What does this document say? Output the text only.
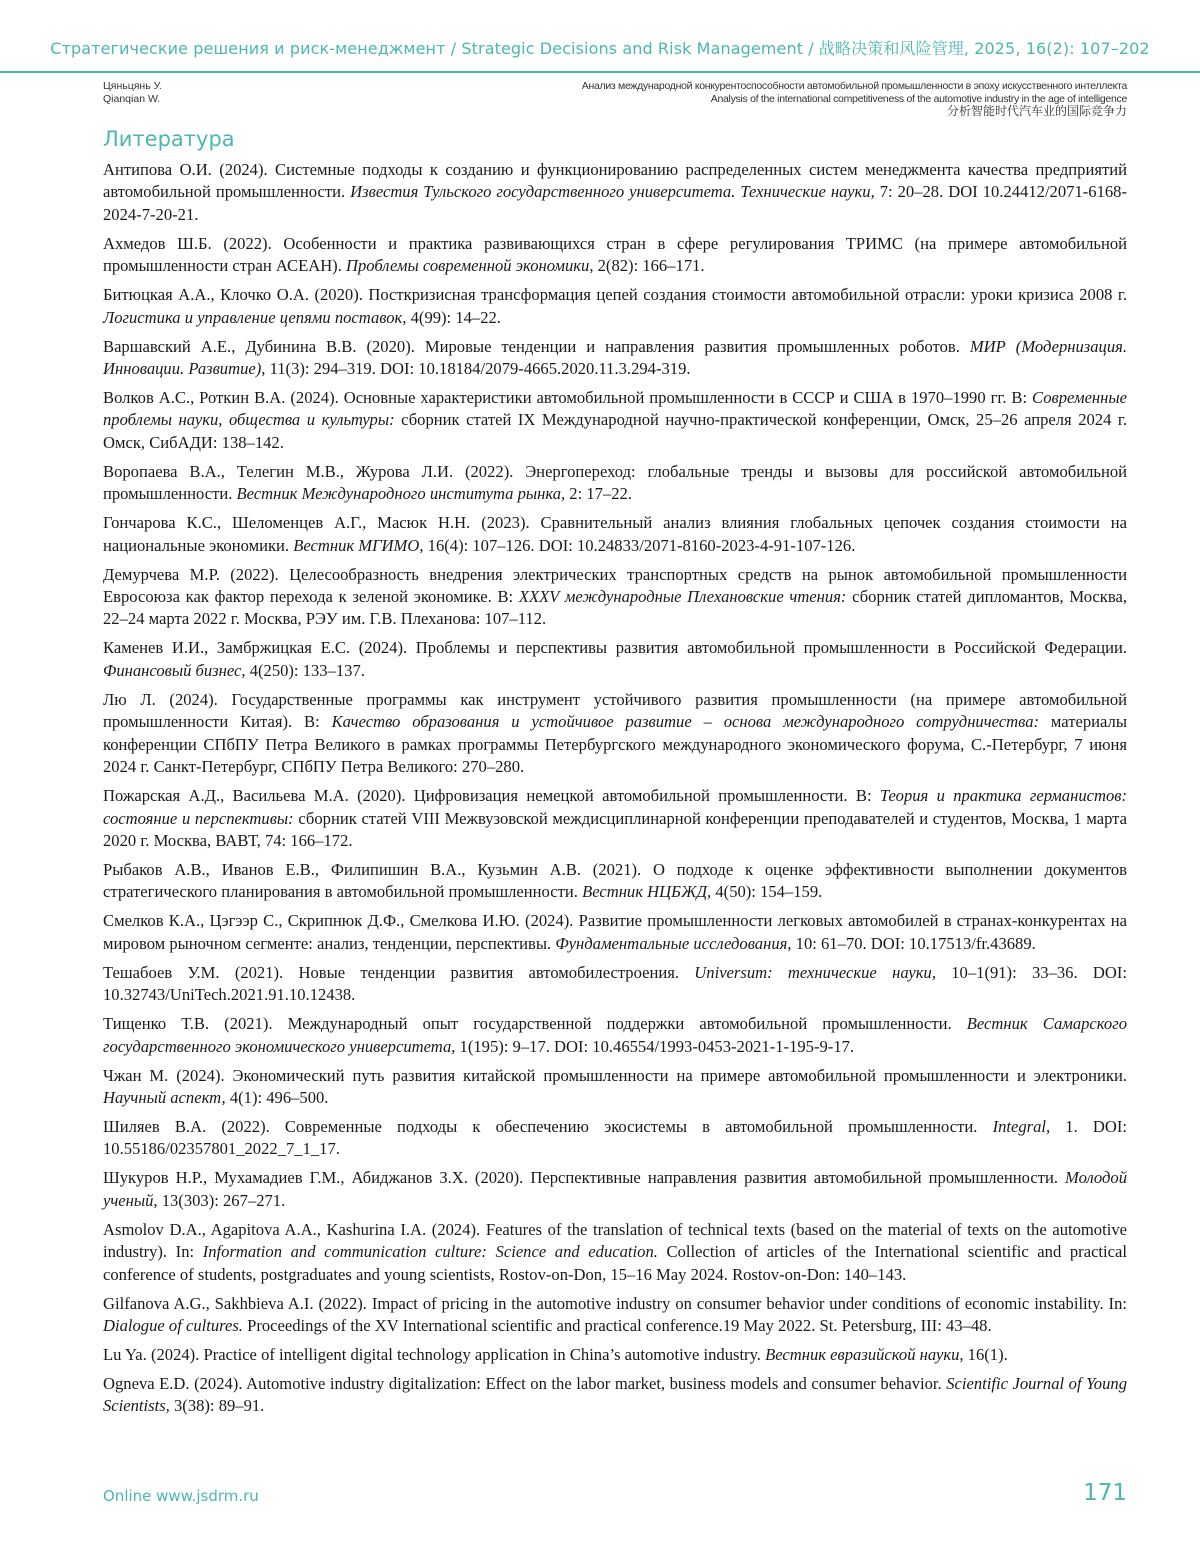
Стратегические решения и риск-менеджмент / Strategic Decisions and Risk Management / 战略决策和风险管理, 2025, 16(2): 107–202
Цяньцянь У.
Qianqian W.
Анализ международной конкурентоспособности автомобильной промышленности в эпоху искусственного интеллекта
Analysis of the international competitiveness of the automotive industry in the age of intelligence
分析智能时代汽车业的国际竞争力
Литература

Антипова О.И. (2024). Системные подходы к созданию и функционированию распределенных систем менеджмента качества предприятий автомобильной промышленности. Известия Тульского государственного университета. Технические науки, 7: 20–28. DOI 10.24412/2071-6168-2024-7-20-21.

Ахмедов Ш.Б. (2022). Особенности и практика развивающихся стран в сфере регулирования ТРИМС (на примере автомобильной промышленности стран АСЕАН). Проблемы современной экономики, 2(82): 166–171.

Битюцкая А.А., Клочко О.А. (2020). Посткризисная трансформация цепей создания стоимости автомобильной отрасли: уроки кризиса 2008 г. Логистика и управление цепями поставок, 4(99): 14–22.

Варшавский А.Е., Дубинина В.В. (2020). Мировые тенденции и направления развития промышленных роботов. МИР (Модернизация. Инновации. Развитие), 11(3): 294–319. DOI: 10.18184/2079-4665.2020.11.3.294-319.

Волков А.С., Роткин В.А. (2024). Основные характеристики автомобильной промышленности в СССР и США в 1970–1990 гг. В: Современные проблемы науки, общества и культуры: сборник статей IX Международной научно-практической конференции, Омск, 25–26 апреля 2024 г. Омск, СибАДИ: 138–142.

Воропаева В.А., Телегин М.В., Журова Л.И. (2022). Энергопереход: глобальные тренды и вызовы для российской автомобильной промышленности. Вестник Международного института рынка, 2: 17–22.

Гончарова К.С., Шеломенцев А.Г., Масюк Н.Н. (2023). Сравнительный анализ влияния глобальных цепочек создания стоимости на национальные экономики. Вестник МГИМО, 16(4): 107–126. DOI: 10.24833/2071-8160-2023-4-91-107-126.

Демурчева М.Р. (2022). Целесообразность внедрения электрических транспортных средств на рынок автомобильной промышленности Евросоюза как фактор перехода к зеленой экономике. В: XXXV международные Плехановские чтения: сборник статей дипломантов, Москва, 22–24 марта 2022 г. Москва, РЭУ им. Г.В. Плеханова: 107–112.

Каменев И.И., Замбржицкая Е.С. (2024). Проблемы и перспективы развития автомобильной промышленности в Российской Федерации. Финансовый бизнес, 4(250): 133–137.

Лю Л. (2024). Государственные программы как инструмент устойчивого развития промышленности (на примере автомобильной промышленности Китая). В: Качество образования и устойчивое развитие – основа международного сотрудничества: материалы конференции СПбПУ Петра Великого в рамках программы Петербургского международного экономического форума, С.-Петербург, 7 июня 2024 г. Санкт-Петербург, СПбПУ Петра Великого: 270–280.

Пожарская А.Д., Васильева М.А. (2020). Цифровизация немецкой автомобильной промышленности. В: Теория и практика германистов: состояние и перспективы: сборник статей VIII Межвузовской междисциплинарной конференции преподавателей и студентов, Москва, 1 марта 2020 г. Москва, ВАВТ, 74: 166–172.

Рыбаков А.В., Иванов Е.В., Филипишин В.А., Кузьмин А.В. (2021). О подходе к оценке эффективности выполнении документов стратегического планирования в автомобильной промышленности. Вестник НЦБЖД, 4(50): 154–159.

Смелков К.А., Цэгээр С., Скрипнюк Д.Ф., Смелкова И.Ю. (2024). Развитие промышленности легковых автомобилей в странах-конкурентах на мировом рыночном сегменте: анализ, тенденции, перспективы. Фундаментальные исследования, 10: 61–70. DOI: 10.17513/fr.43689.

Тешабоев У.М. (2021). Новые тенденции развития автомобилестроения. Universum: технические науки, 10–1(91): 33–36. DOI: 10.32743/UniTech.2021.91.10.12438.

Тищенко Т.В. (2021). Международный опыт государственной поддержки автомобильной промышленности. Вестник Самарского государственного экономического университета, 1(195): 9–17. DOI: 10.46554/1993-0453-2021-1-195-9-17.

Чжан М. (2024). Экономический путь развития китайской промышленности на примере автомобильной промышленности и электроники. Научный аспект, 4(1): 496–500.

Шиляев В.А. (2022). Современные подходы к обеспечению экосистемы в автомобильной промышленности. Integral, 1. DOI: 10.55186/02357801_2022_7_1_17.

Шукуров Н.Р., Мухамадиев Г.М., Абиджанов З.Х. (2020). Перспективные направления развития автомобильной промышленности. Молодой ученый, 13(303): 267–271.

Asmolov D.A., Agapitova A.A., Kashurina I.A. (2024). Features of the translation of technical texts (based on the material of texts on the automotive industry). In: Information and communication culture: Science and education. Collection of articles of the International scientific and practical conference of students, postgraduates and young scientists, Rostov-on-Don, 15–16 May 2024. Rostov-on-Don: 140–143.

Gilfanova A.G., Sakhbieva A.I. (2022). Impact of pricing in the automotive industry on consumer behavior under conditions of economic instability. In: Dialogue of cultures. Proceedings of the XV International scientific and practical conference.19 May 2022. St. Petersburg, III: 43–48.

Lu Ya. (2024). Practice of intelligent digital technology application in China’s automotive industry. Вестник евразийской науки, 16(1).

Ogneva E.D. (2024). Automotive industry digitalization: Effect on the labor market, business models and consumer behavior. Scientific Journal of Young Scientists, 3(38): 89–91.

Online www.jsdrm.ru	171
